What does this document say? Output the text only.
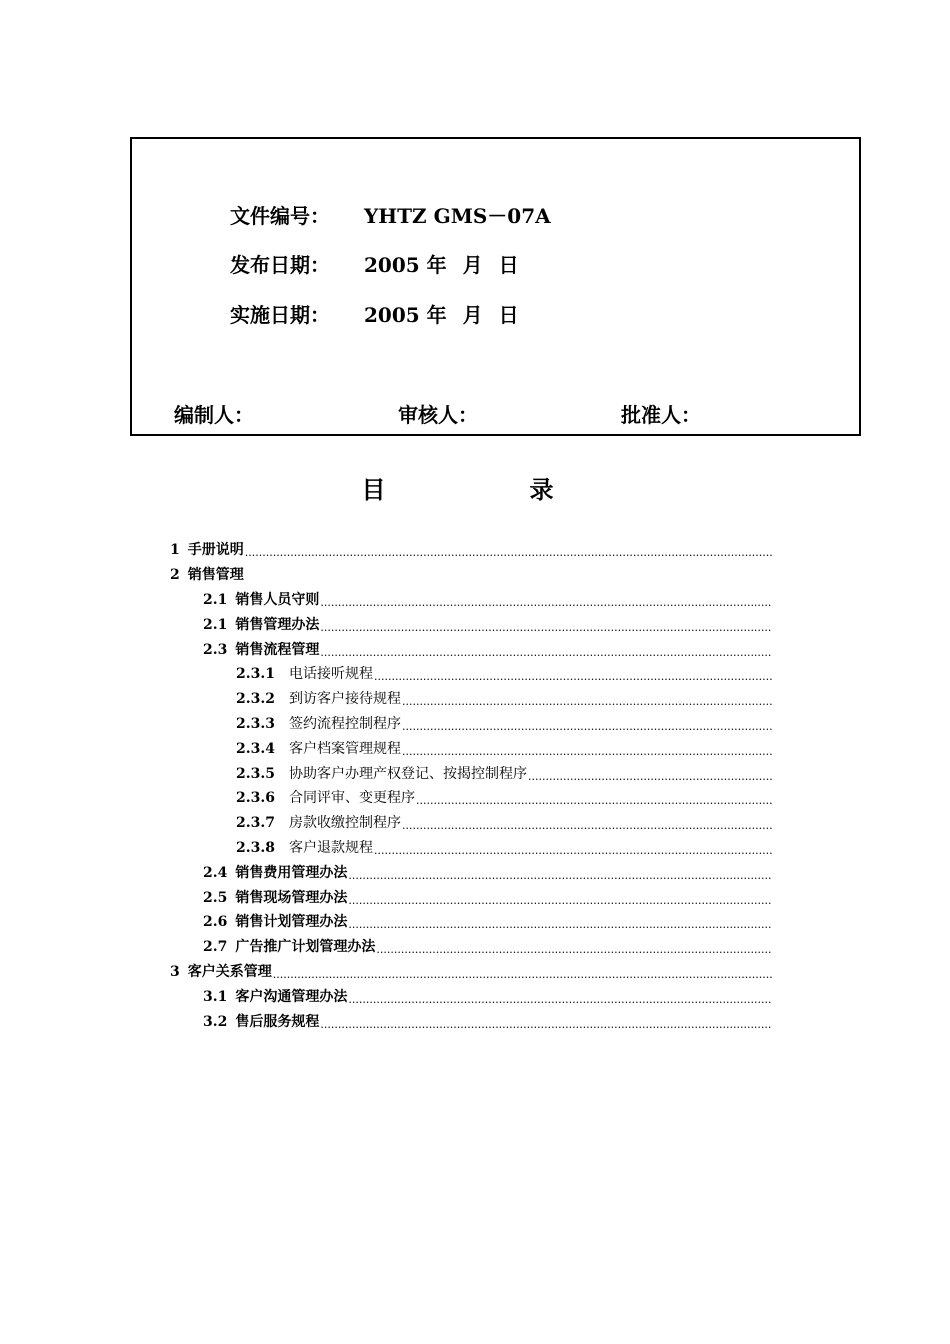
文件编号： YHTZ GMS－07A
发布日期： 2005 年 月 日
实施日期： 2005 年 月 日
编制人：	审核人：	批准人：
目　录
1 手册说明
.....
2 销售管理
2.1 销售人员守则
.....
2.1 销售管理办法
.....
2.3 销售流程管理
.....
2.3.1 电话接听规程
.....
2.3.2 到访客户接待规程
.....
2.3.3 签约流程控制程序
.....
2.3.4 客户档案管理规程
.....
2.3.5 协助客户办理产权登记、按揭控制程序
.....
2.3.6 合同评审、变更程序
.....
2.3.7 房款收缴控制程序
.....
2.3.8 客户退款规程
.....
2.4 销售费用管理办法
.....
2.5 销售现场管理办法
.....
2.6 销售计划管理办法
.....
2.7 广告推广计划管理办法
.....
3 客户关系管理
.....
3.1 客户沟通管理办法
.....
3.2 售后服务规程
.....
